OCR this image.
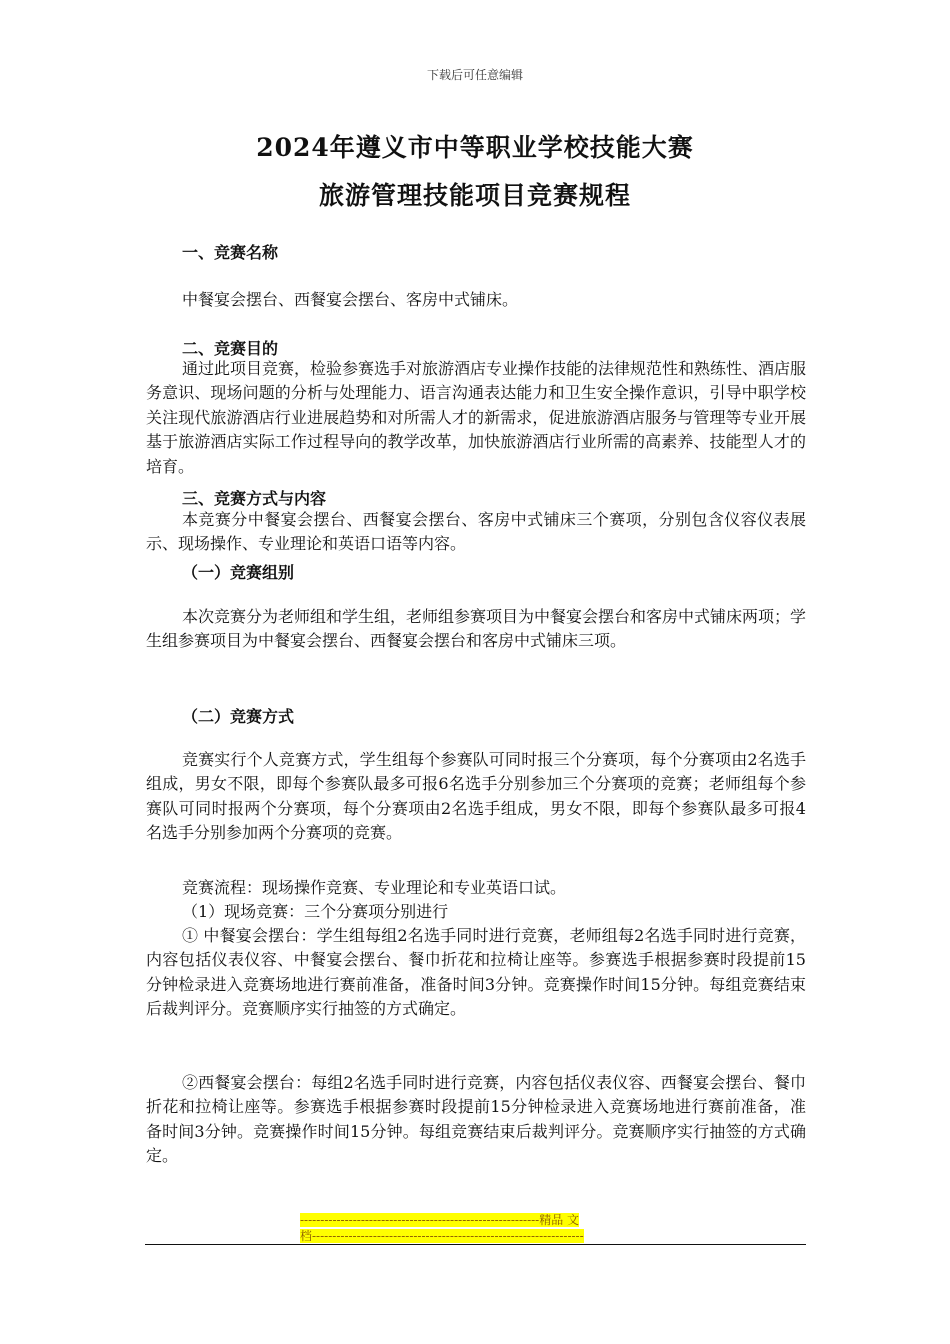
下载后可任意编辑
2024年遵义市中等职业学校技能大赛
旅游管理技能项目竞赛规程
一、竞赛名称
中餐宴会摆台、西餐宴会摆台、客房中式铺床。
二、竞赛目的
通过此项目竞赛，检验参赛选手对旅游酒店专业操作技能的法律规范性和熟练性、酒店服务意识、现场问题的分析与处理能力、语言沟通表达能力和卫生安全操作意识，引导中职学校关注现代旅游酒店行业进展趋势和对所需人才的新需求，促进旅游酒店服务与管理等专业开展基于旅游酒店实际工作过程导向的教学改革，加快旅游酒店行业所需的高素养、技能型人才的培育。
三、竞赛方式与内容
本竞赛分中餐宴会摆台、西餐宴会摆台、客房中式铺床三个赛项，分别包含仪容仪表展示、现场操作、专业理论和英语口语等内容。
（一）竞赛组别
本次竞赛分为老师组和学生组，老师组参赛项目为中餐宴会摆台和客房中式铺床两项；学生组参赛项目为中餐宴会摆台、西餐宴会摆台和客房中式铺床三项。
（二）竞赛方式
竞赛实行个人竞赛方式，学生组每个参赛队可同时报三个分赛项，每个分赛项由2名选手组成，男女不限，即每个参赛队最多可报6名选手分别参加三个分赛项的竞赛；老师组每个参赛队可同时报两个分赛项，每个分赛项由2名选手组成，男女不限，即每个参赛队最多可报4名选手分别参加两个分赛项的竞赛。
竞赛流程：现场操作竞赛、专业理论和专业英语口试。
（1）现场竞赛：三个分赛项分别进行
① 中餐宴会摆台：学生组每组2名选手同时进行竞赛，老师组每2名选手同时进行竞赛，内容包括仪表仪容、中餐宴会摆台、餐巾折花和拉椅让座等。参赛选手根据参赛时段提前15分钟检录进入竞赛场地进行赛前准备，准备时间3分钟。竞赛操作时间15分钟。每组竞赛结束后裁判评分。竞赛顺序实行抽签的方式确定。
②西餐宴会摆台：每组2名选手同时进行竞赛，内容包括仪表仪容、西餐宴会摆台、餐巾折花和拉椅让座等。参赛选手根据参赛时段提前15分钟检录进入竞赛场地进行赛前准备，准备时间3分钟。竞赛操作时间15分钟。每组竞赛结束后裁判评分。竞赛顺序实行抽签的方式确定。
-----------------------------------------------------------精品 文
档-------------------------------------------------------------------
